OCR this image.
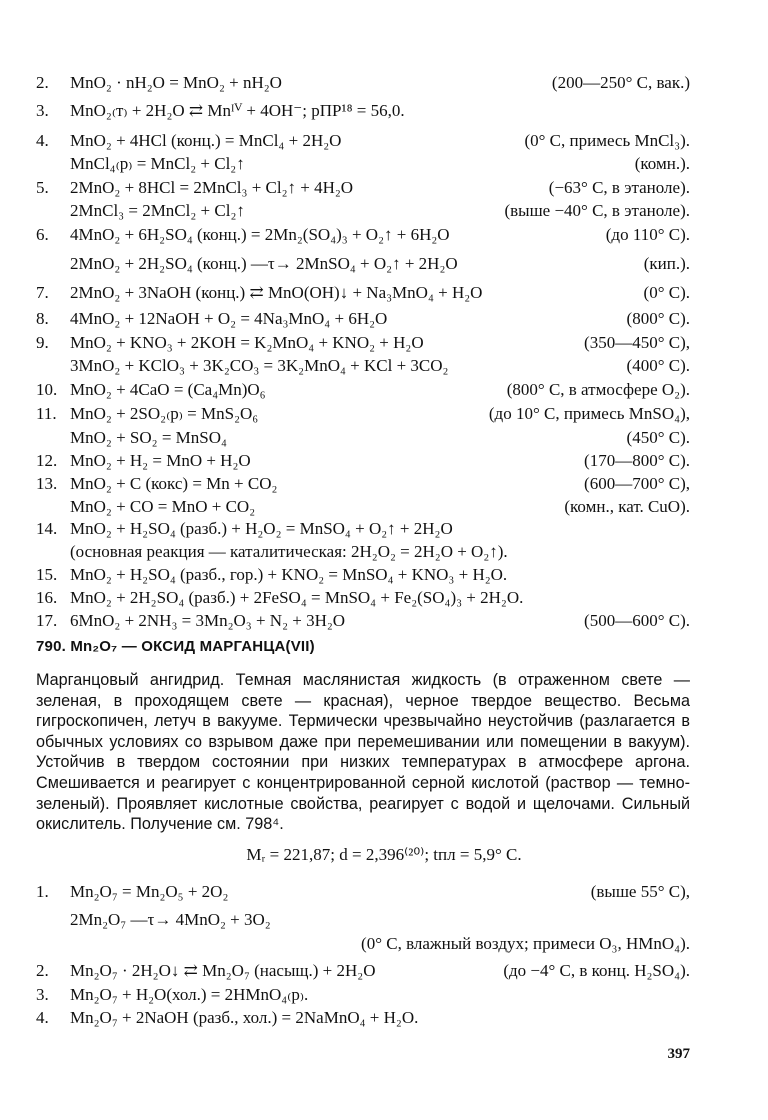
2.	MnO₂ · nH₂O = MnO₂ + nH₂O	(200—250° C, вак.)
3.	MnO₂₍т₎ + 2H₂O ⇄ Mnᴵⱽ + 4OH⁻; pПР¹⁸ = 56,0.
4.	MnO₂ + 4HCl (конц.) = MnCl₄ + 2H₂O	(0° C, примесь MnCl₃).
MnCl₄₍р₎ = MnCl₂ + Cl₂↑	(комн.).
5.	2MnO₂ + 8HCl = 2MnCl₃ + Cl₂↑ + 4H₂O	(−63° C, в этаноле).
2MnCl₃ = 2MnCl₂ + Cl₂↑	(выше −40° C, в этаноле).
6.	4MnO₂ + 6H₂SO₄ (конц.) = 2Mn₂(SO₄)₃ + O₂↑ + 6H₂O	(до 110° C).
2MnO₂ + 2H₂SO₄ (конц.) —τ→ 2MnSO₄ + O₂↑ + 2H₂O	(кип.).
7.	2MnO₂ + 3NaOH (конц.) ⇄ MnO(OH)↓ + Na₃MnO₄ + H₂O	(0° C).
8.	4MnO₂ + 12NaOH + O₂ = 4Na₃MnO₄ + 6H₂O	(800° C).
9.	MnO₂ + KNO₃ + 2KOH = K₂MnO₄ + KNO₂ + H₂O	(350—450° C),
3MnO₂ + KClO₃ + 3K₂CO₃ = 3K₂MnO₄ + KCl + 3CO₂	(400° C).
10. MnO₂ + 4CaO = (Ca₄Mn)O₆	(800° C, в атмосфере O₂).
11. MnO₂ + 2SO₂₍р₎ = MnS₂O₆	(до 10° C, примесь MnSO₄),
MnO₂ + SO₂ = MnSO₄	(450° C).
12. MnO₂ + H₂ = MnO + H₂O	(170—800° C).
13. MnO₂ + C (кокс) = Mn + CO₂	(600—700° C),
MnO₂ + CO = MnO + CO₂	(комн., кат. CuO).
14. MnO₂ + H₂SO₄ (разб.) + H₂O₂ = MnSO₄ + O₂↑ + 2H₂O
(основная реакция — каталитическая: 2H₂O₂ = 2H₂O + O₂↑).
15. MnO₂ + H₂SO₄ (разб., гор.) + KNO₂ = MnSO₄ + KNO₃ + H₂O.
16. MnO₂ + 2H₂SO₄ (разб.) + 2FeSO₄ = MnSO₄ + Fe₂(SO₄)₃ + 2H₂O.
17. 6MnO₂ + 2NH₃ = 3Mn₂O₃ + N₂ + 3H₂O	(500—600° C).
790. Mn₂O₇ — ОКСИД МАРГАНЦА(VII)
Марганцовый ангидрид. Темная маслянистая жидкость (в отраженном свете — зеленая, в проходящем свете — красная), черное твердое вещество. Весьма гигроскопичен, летуч в вакууме. Термически чрезвычайно неустойчив (разлагается в обычных условиях со взрывом даже при перемешивании или помещении в вакуум). Устойчив в твердом состоянии при низких температурах в атмосфере аргона. Смешивается и реагирует с концентрированной серной кислотой (раствор — темно-зеленый). Проявляет кислотные свойства, реагирует с водой и щелочами. Сильный окислитель. Получение см. 798⁴.
Mᵣ = 221,87; d = 2,396⁽²⁰⁾; tпл = 5,9° C.
1.	Mn₂O₇ = Mn₂O₅ + 2O₂	(выше 55° C),
2Mn₂O₇ —τ→ 4MnO₂ + 3O₂
(0° C, влажный воздух; примеси O₃, HMnO₄).
2.	Mn₂O₇ · 2H₂O↓ ⇄ Mn₂O₇ (насыщ.) + 2H₂O	(до −4° C, в конц. H₂SO₄).
3.	Mn₂O₇ + H₂O(хол.) = 2HMnO₄₍р₎.
4.	Mn₂O₇ + 2NaOH (разб., хол.) = 2NaMnO₄ + H₂O.
397
